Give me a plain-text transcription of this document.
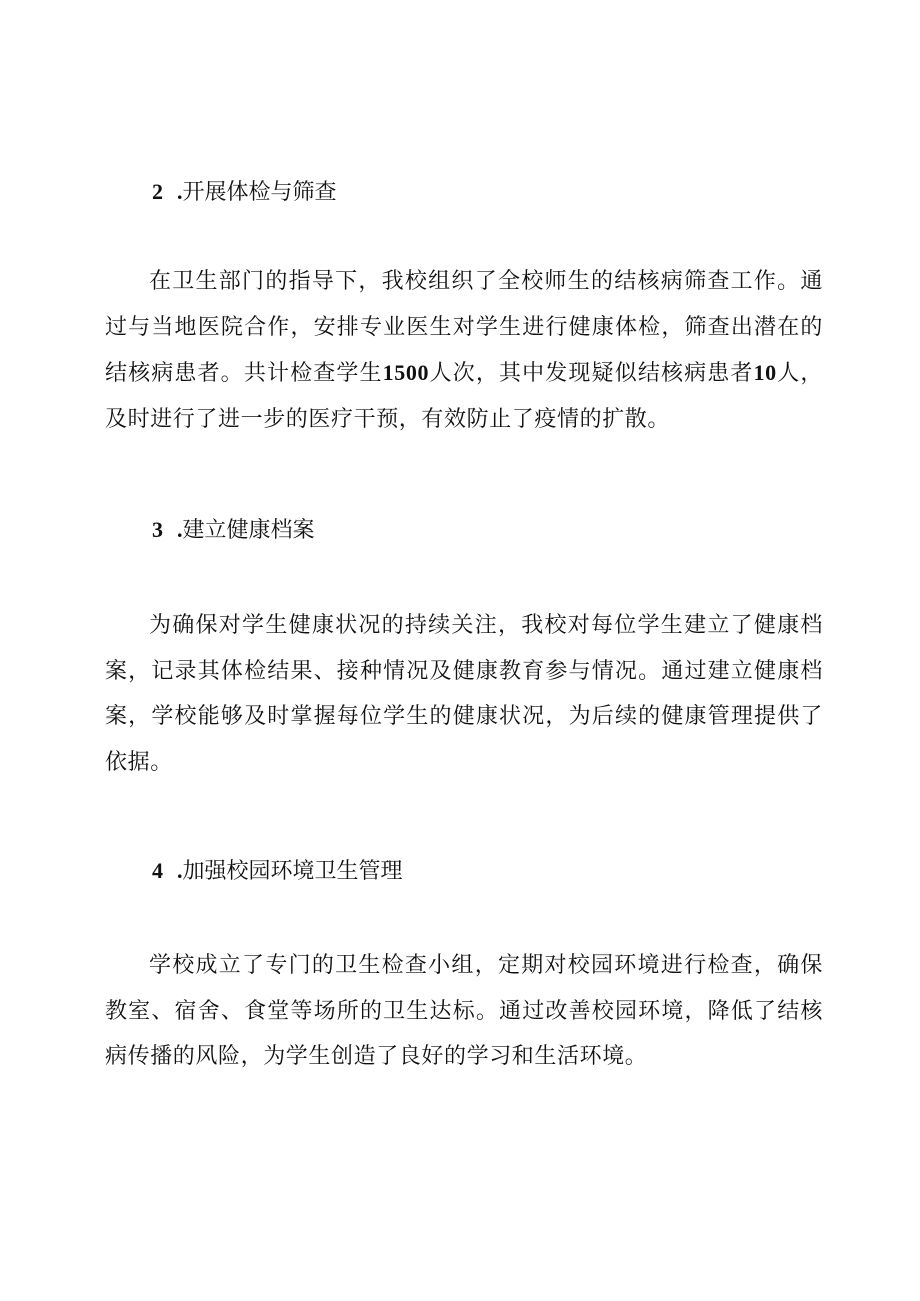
2 .开展体检与筛查

在卫生部门的指导下，我校组织了全校师生的结核病筛查工作。通过与当地医院合作，安排专业医生对学生进行健康体检，筛查出潜在的结核病患者。共计检查学生1500人次，其中发现疑似结核病患者10人，及时进行了进一步的医疗干预，有效防止了疫情的扩散。

3 .建立健康档案

为确保对学生健康状况的持续关注，我校对每位学生建立了健康档案，记录其体检结果、接种情况及健康教育参与情况。通过建立健康档案，学校能够及时掌握每位学生的健康状况，为后续的健康管理提供了依据。

4 .加强校园环境卫生管理

学校成立了专门的卫生检查小组，定期对校园环境进行检查，确保教室、宿舍、食堂等场所的卫生达标。通过改善校园环境，降低了结核病传播的风险，为学生创造了良好的学习和生活环境。
